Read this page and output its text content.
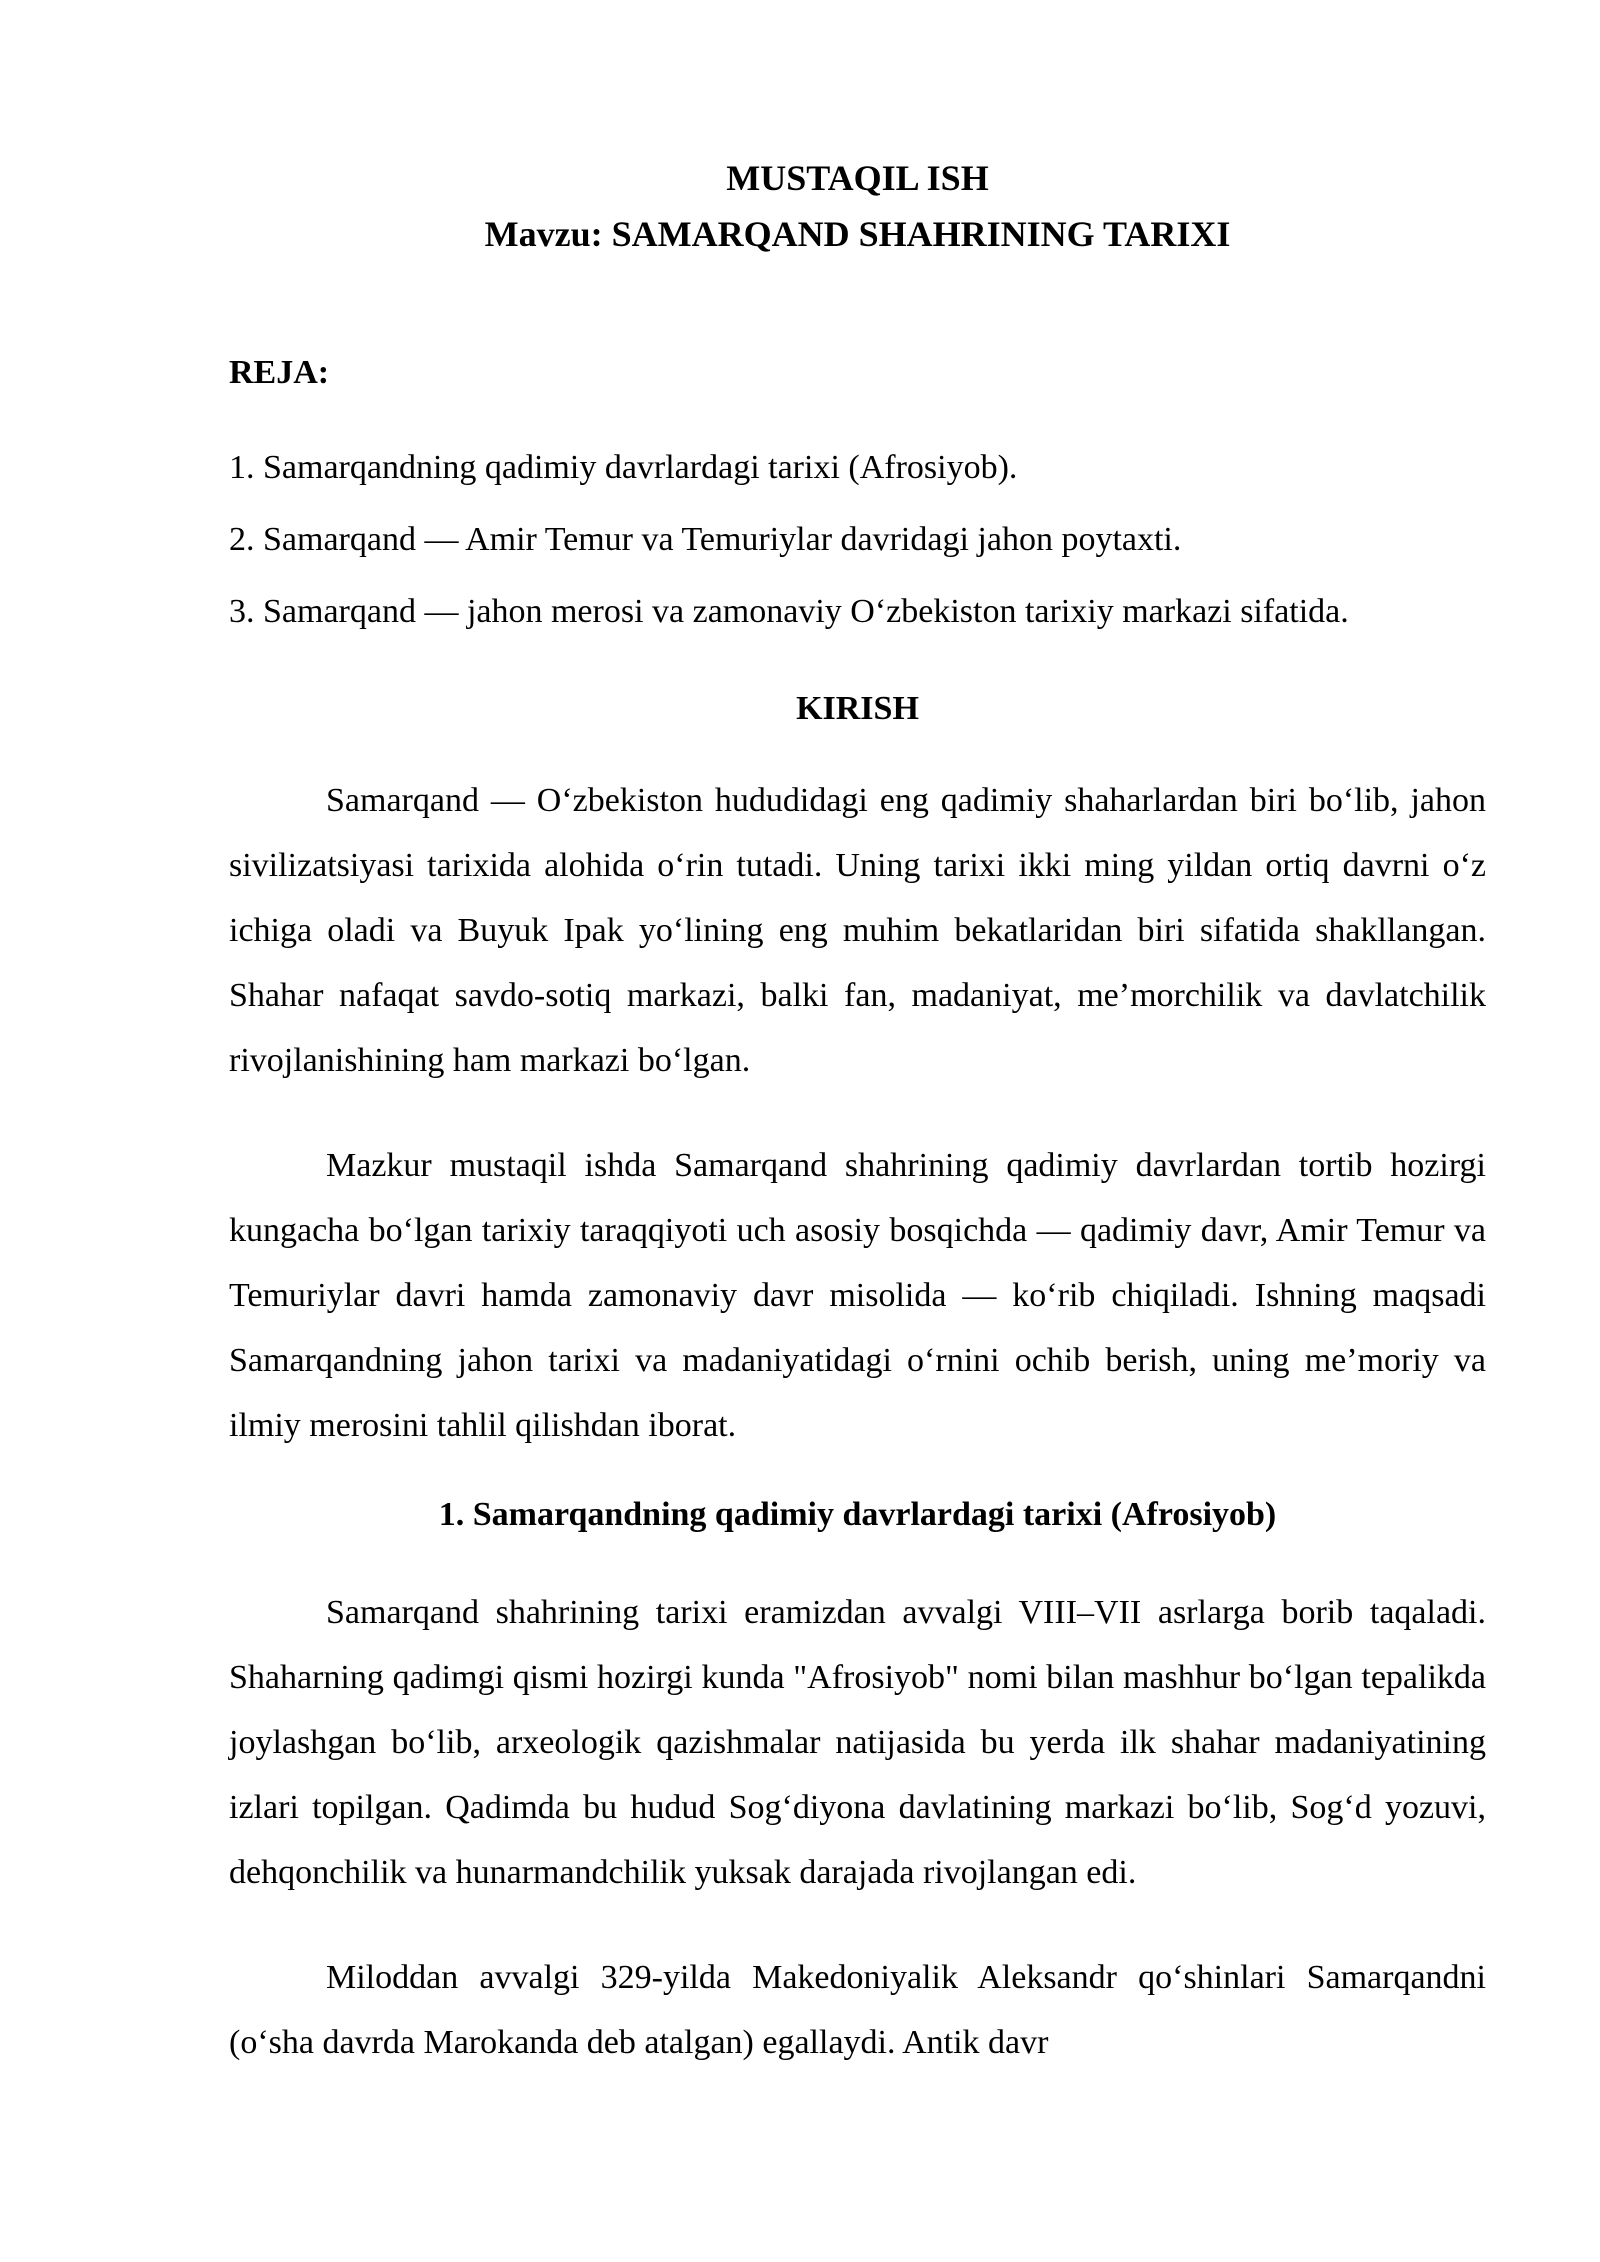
MUSTAQIL ISH
Mavzu: SAMARQAND SHAHRINING TARIXI
REJA:
1. Samarqandning qadimiy davrlardagi tarixi (Afrosiyob).
2. Samarqand — Amir Temur va Temuriylar davridagi jahon poytaxti.
3. Samarqand — jahon merosi va zamonaviy O‘zbekiston tarixiy markazi sifatida.
KIRISH

Samarqand — O‘zbekiston hududidagi eng qadimiy shaharlardan biri bo‘lib, jahon sivilizatsiyasi tarixida alohida o‘rin tutadi. Uning tarixi ikki ming yildan ortiq davrni o‘z ichiga oladi va Buyuk Ipak yo‘lining eng muhim bekatlaridan biri sifatida shakllangan. Shahar nafaqat savdo-sotiq markazi, balki fan, madaniyat, me’morchilik va davlatchilik rivojlanishining ham markazi bo‘lgan.

Mazkur mustaqil ishda Samarqand shahrining qadimiy davrlardan tortib hozirgi kungacha bo‘lgan tarixiy taraqqiyoti uch asosiy bosqichda — qadimiy davr, Amir Temur va Temuriylar davri hamda zamonaviy davr misolida — ko‘rib chiqiladi. Ishning maqsadi Samarqandning jahon tarixi va madaniyatidagi o‘rnini ochib berish, uning me’moriy va ilmiy merosini tahlil qilishdan iborat.

1. Samarqandning qadimiy davrlardagi tarixi (Afrosiyob)

Samarqand shahrining tarixi eramizdan avvalgi VIII–VII asrlarga borib taqaladi. Shaharning qadimgi qismi hozirgi kunda "Afrosiyob" nomi bilan mashhur bo‘lgan tepalikda joylashgan bo‘lib, arxeologik qazishmalar natijasida bu yerda ilk shahar madaniyatining izlari topilgan. Qadimda bu hudud Sog‘diyona davlatining markazi bo‘lib, Sog‘d yozuvi, dehqonchilik va hunarmandchilik yuksak darajada rivojlangan edi.

Miloddan avvalgi 329-yilda Makedoniyalik Aleksandr qo‘shinlari Samarqandni (o‘sha davrda Marokanda deb atalgan) egallaydi. Antik davr
